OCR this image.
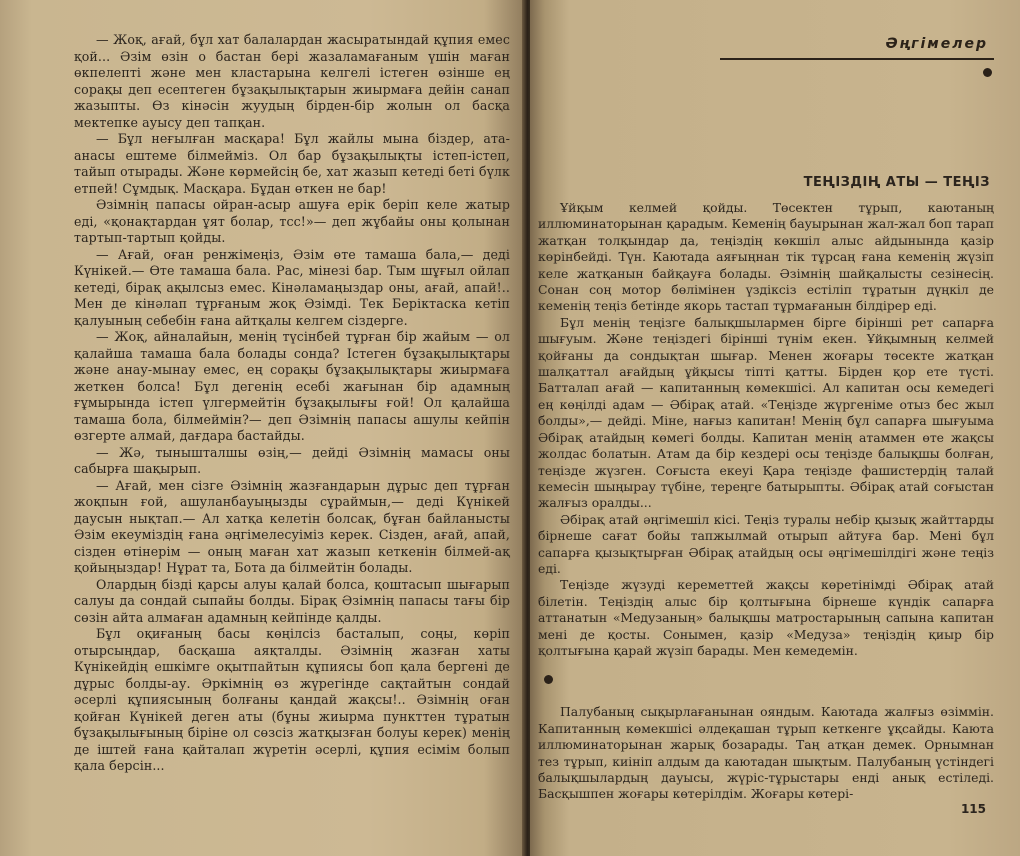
— Жоқ, ағай, бұл хат балалардан жасыратындай құпия емес қой... Әзім өзін о бастан бері жазаламағаным үшін маған өкпелепті және мен кластарына келгелі істеген өзінше ең сорақы деп есептеген бұзақылықтарын жиырмаға дейін санап жазыпты. Өз кінәсін жуудың бірден-бір жолын ол басқа мектепке ауысу деп тапқан.

— Бұл неғылған масқара! Бұл жайлы мына біздер, ата-анасы ештеме білмейміз. Ол бар бұзақылықты істеп-істеп, тайып отырады. Және көрмейсің бе, хат жазып кетеді беті бүлк етпей! Сұмдық. Масқара. Бұдан өткен не бар!

Әзімнің папасы ойран-асыр ашуға ерік беріп келе жатыр еді, «қонақтардан ұят болар, тсс!»— деп жұбайы оны қолынан тартып-тартып қойды.

— Ағай, оған ренжімеңіз, Әзім өте тамаша бала,— деді Күнікей.— Өте тамаша бала. Рас, мінезі бар. Тым шұғыл ойлап кетеді, бірақ ақылсыз емес. Кінәламаңыздар оны, ағай, апай!.. Мен де кінәлап тұрғаным жоқ Әзімді. Тек Беріктаска кетіп қалуының себебін ғана айтқалы келгем сіздерге.

— Жоқ, айналайын, менің түсінбей тұрған бір жайым — ол қалайша тамаша бала болады сонда? Істеген бұзақылықтары және анау-мынау емес, ең сорақы бұзақылықтары жиырмаға жеткен болса! Бұл дегенің есебі жағынан бір адамның ғұмырында істеп үлгермейтін бұзақылығы ғой! Ол қалайша тамаша бола, білмеймін?— деп Әзімнің папасы ашулы кейпін өзгерте алмай, дағдара бастайды.

— Жә, тынышталшы өзің,— дейді Әзімнің мамасы оны сабырға шақырып.

— Ағай, мен сізге Әзімнің жазғандарын дұрыс деп тұрған жоқпын ғой, ашуланбауыңызды сұраймын,— деді Күнікей даусын нықтап.— Ал хатқа келетін болсақ, бұған байланысты Әзім екеуміздің ғана әңгімелесуіміз керек. Сізден, ағай, апай, сізден өтінерім — оның маған хат жазып кеткенін білмей-ақ қойыңыздар! Нұрат та, Бота да білмейтін болады.

Олардың бізді қарсы алуы қалай болса, қоштасып шығарып салуы да сондай сыпайы болды. Бірақ Әзімнің папасы тағы бір сөзін айта алмаған адамның кейпінде қалды.

Бұл оқиғаның басы көңілсіз басталып, соңы, көріп отырсыңдар, басқаша аяқталды. Әзімнің жазған хаты Күнікейдің ешкімге оқытпайтын құпиясы боп қала бергені де дұрыс болды-ау. Әркімнің өз жүрегінде сақтайтын сондай әсерлі құпиясының болғаны қандай жақсы!.. Әзімнің оған қойған Күнікей деген аты (бұны жиырма пункттен тұратын бұзақылығының біріне ол сөзсіз жатқызған болуы керек) менің де іштей ғана қайталап жүретін әсерлі, құпия есімім болып қала берсін...

Әңгімелер
ТЕҢІЗДІҢ АТЫ — ТЕҢІЗ

Ұйқым келмей қойды. Төсектен тұрып, каютаның иллюминаторынан қарадым. Кеменің бауырынан жал-жал боп тарап жатқан толқындар да, теңіздің көкшіл алыс айдынында қазір көрінбейді. Түн. Каютада аяғыңнан тік тұрсаң ғана кеменің жүзіп келе жатқанын байқауға болады. Әзімнің шайқалысты сезінесің. Сонан соң мотор бөлімінен үздіксіз естіліп тұратын дүңкіл де кеменің теңіз бетінде якорь тастап тұрмағанын білдірер еді.

Бұл менің теңізге балықшылармен бірге бірінші рет сапарға шығуым. Және теңіздегі бірінші түнім екен. Ұйқымның келмей қойғаны да сондықтан шығар. Менен жоғары төсекте жатқан шалқаттал ағайдың ұйқысы тіпті қатты. Бірден қор ете түсті. Батталап ағай — капитанның көмекшісі. Ал капитан осы кемедегі ең көңілді адам — Әбірақ атай. «Теңізде жүргеніме отыз бес жыл болды»,— дейді. Міне, нағыз капитан! Менің бұл сапарға шығуыма Әбірақ атайдың көмегі болды. Капитан менің атаммен өте жақсы жолдас болатын. Атам да бір кездері осы теңізде балықшы болған, теңізде жүзген. Соғыста екеуі Қара теңізде фашистердің талай кемесін шыңырау түбіне, тереңге батырыпты. Әбірақ атай соғыстан жалғыз оралды...

Әбірақ атай әңгімешіл кісі. Теңіз туралы небір қызық жайттарды бірнеше сағат бойы тапжылмай отырып айтуға бар. Мені бұл сапарға қызықтырған Әбірақ атайдың осы әңгімешілдігі және теңіз еді.

Теңізде жүзуді кереметтей жақсы көретінімді Әбірақ атай білетін. Теңіздің алыс бір қолтығына бірнеше күндік сапарға аттанатын «Медузаның» балықшы матростарының сапына капитан мені де қосты. Сонымен, қазір «Медуза» теңіздің қиыр бір қолтығына қарай жүзіп барады. Мен кемедемін.

Палубаның сықырлағанынан ояндым. Каютада жалғыз өзіммін. Капитанның көмекшісі әлдеқашан тұрып кеткенге ұқсайды. Каюта иллюминаторынан жарық бозарады. Таң атқан демек. Орнымнан тез тұрып, киініп алдым да каютадан шықтым. Палубаның үстіндегі балықшылардың дауысы, жүріс-тұрыстары енді анық естіледі. Басқышпен жоғары көтерілдім. Жоғары көтері-

115
